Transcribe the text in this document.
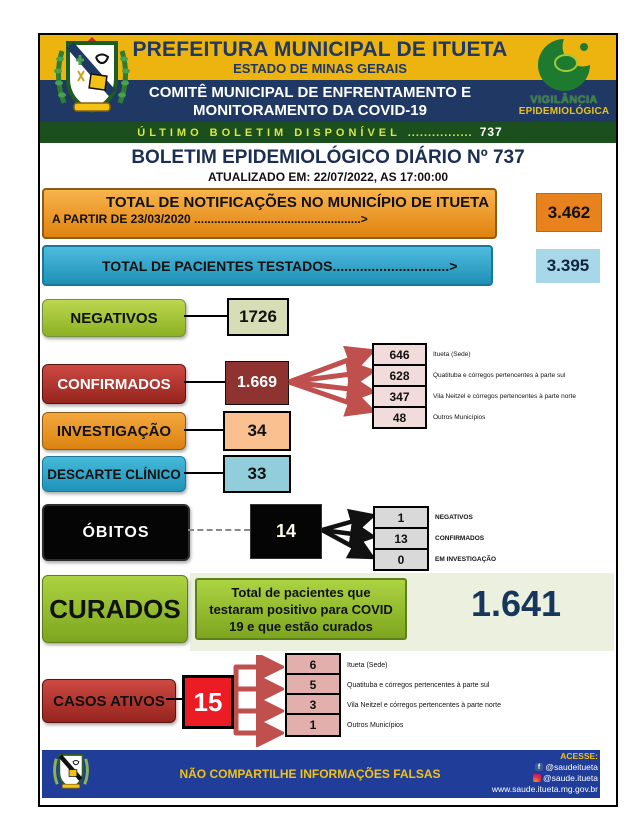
PREFEITURA MUNICIPAL DE ITUETA
ESTADO DE MINAS GERAIS
COMITÊ MUNICIPAL DE ENFRENTAMENTO E
MONITORAMENTO DA COVID-19
ÚLTIMO BOLETIM DISPONÍVEL ................ 737
VIGILÂNCIA
EPIDEMIOLÓGICA
BOLETIM EPIDEMIOLÓGICO DIÁRIO Nº 737
ATUALIZADO EM: 22/07/2022, AS 17:00:00
TOTAL DE NOTIFICAÇÕES NO MUNICÍPIO DE ITUETA
A PARTIR DE 23/03/2020 ..................................................>	3.462
TOTAL DE PACIENTES TESTADOS..............................>	3.395
NEGATIVOS	1726
CONFIRMADOS	1.669
646	Itueta (Sede)
628	Quatituba e córregos pertencentes à parte sul
347	Vila Neitzel e córregos pertencentes à parte norte
48	Outros Municípios
INVESTIGAÇÃO	34
DESCARTE CLÍNICO	33
ÓBITOS	14
1	NEGATIVOS
13	CONFIRMADOS
0	EM INVESTIGAÇÃO
CURADOS
Total de pacientes que testaram positivo para COVID 19 e que estão curados
1.641
CASOS ATIVOS	15
6	Itueta (Sede)
5	Quatituba e córregos pertencentes à parte sul
3	Vila Neitzel e córregos pertencentes à parte norte
1	Outros Municípios
NÃO COMPARTILHE INFORMAÇÕES FALSAS
ACESSE:
f@saudeitueta
@saude.itueta
www.saude.itueta.mg.gov.br
